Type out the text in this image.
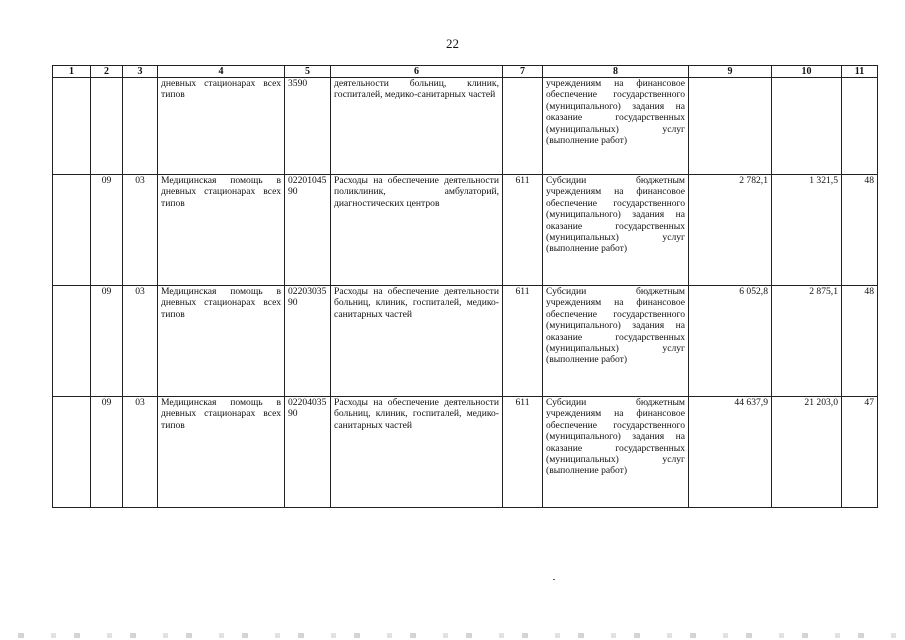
22
1	2	3	4	5	6	7	8	9	10	11
			дневных стационарах всех типов	3590	деятельности больниц, клиник, госпиталей, медико-санитарных частей		учреждениям на финансовое обеспечение государственного (муниципального) задания на оказание государственных (муниципальных) услуг (выполнение работ)			
	09	03	Медицинская помощь в дневных стационарах всех типов	0220104590	Расходы на обеспечение деятельности поликлиник, амбулаторий, диагностических центров	611	Субсидии бюджетным учреждениям на финансовое обеспечение государственного (муниципального) задания на оказание государственных (муниципальных) услуг (выполнение работ)	2 782,1	1 321,5	48
	09	03	Медицинская помощь в дневных стационарах всех типов	0220303590	Расходы на обеспечение деятельности больниц, клиник, госпиталей, медико-санитарных частей	611	Субсидии бюджетным учреждениям на финансовое обеспечение государственного (муниципального) задания на оказание государственных (муниципальных) услуг (выполнение работ)	6 052,8	2 875,1	48
	09	03	Медицинская помощь в дневных стационарах всех типов	0220403590	Расходы на обеспечение деятельности больниц, клиник, госпиталей, медико-санитарных частей	611	Субсидии бюджетным учреждениям на финансовое обеспечение государственного (муниципального) задания на оказание государственных (муниципальных) услуг (выполнение работ)	44 637,9	21 203,0	47
